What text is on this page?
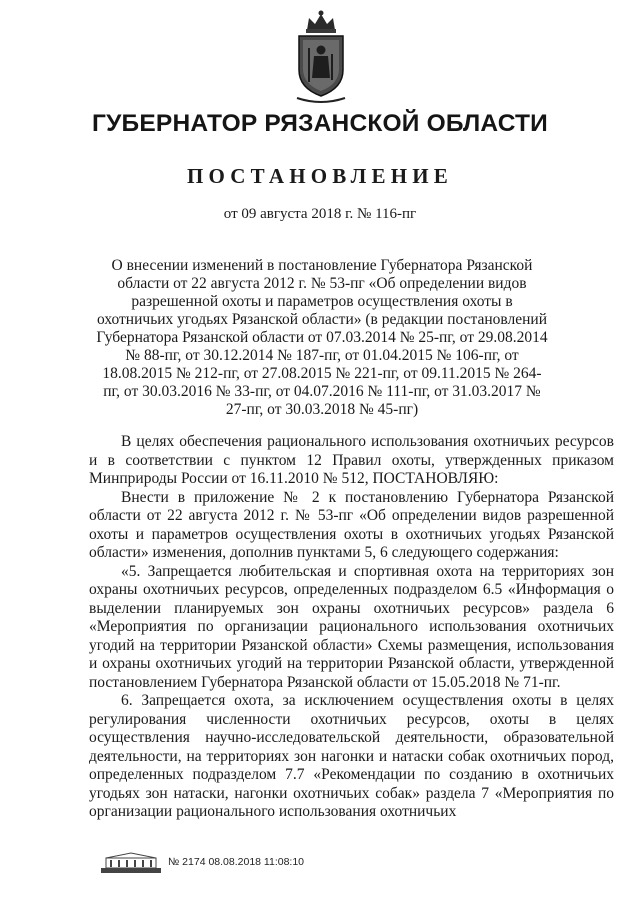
ГУБЕРНАТОР РЯЗАНСКОЙ ОБЛАСТИ
ПОСТАНОВЛЕНИЕ
от 09 августа 2018 г. № 116-пг
О внесении изменений в постановление Губернатора Рязанской области от 22 августа 2012 г. № 53-пг «Об определении видов разрешенной охоты и параметров осуществления охоты в охотничьих угодьях Рязанской области» (в редакции постановлений Губернатора Рязанской области от 07.03.2014 № 25-пг, от 29.08.2014 № 88-пг, от 30.12.2014 № 187-пг, от 01.04.2015 № 106-пг, от 18.08.2015 № 212-пг, от 27.08.2015 № 221-пг, от 09.11.2015 № 264-пг, от 30.03.2016 № 33-пг, от 04.07.2016 № 111-пг, от 31.03.2017 № 27-пг, от 30.03.2018 № 45-пг)

В целях обеспечения рационального использования охотничьих ресурсов и в соответствии с пунктом 12 Правил охоты, утвержденных приказом Минприроды России от 16.11.2010 № 512, ПОСТАНОВЛЯЮ:

Внести в приложение № 2 к постановлению Губернатора Рязанской области от 22 августа 2012 г. № 53-пг «Об определении видов разрешенной охоты и параметров осуществления охоты в охотничьих угодьях Рязанской области» изменения, дополнив пунктами 5, 6 следующего содержания:

«5. Запрещается любительская и спортивная охота на территориях зон охраны охотничьих ресурсов, определенных подразделом 6.5 «Информация о выделении планируемых зон охраны охотничьих ресурсов» раздела 6 «Мероприятия по организации рационального использования охотничьих угодий на территории Рязанской области» Схемы размещения, использования и охраны охотничьих угодий на территории Рязанской области, утвержденной постановлением Губернатора Рязанской области от 15.05.2018 № 71-пг.

6. Запрещается охота, за исключением осуществления охоты в целях регулирования численности охотничьих ресурсов, охоты в целях осуществления научно-исследовательской деятельности, образовательной деятельности, на территориях зон нагонки и натаски собак охотничьих пород, определенных подразделом 7.7 «Рекомендации по созданию в охотничьих угодьях зон натаски, нагонки охотничьих собак» раздела 7 «Мероприятия по организации рационального использования охотничьих

№ 2174 08.08.2018 11:08:10
